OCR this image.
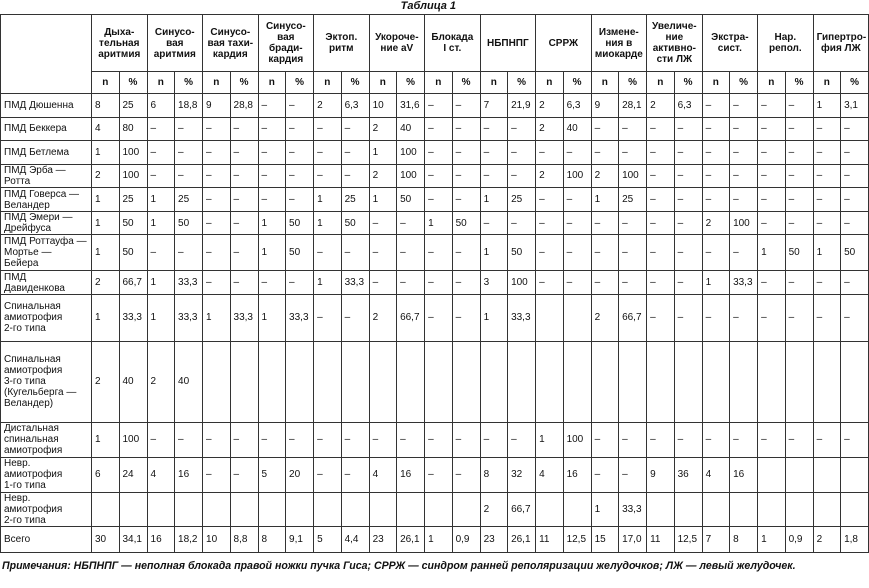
Таблица 1
	Дыха-
тельная
аритмия		Синусо-
вая
аритмия		Синусо-
вая тахи-
кардия		Синусо-
вая
бради-
кардия		Эктоп.
ритм		Укороче-
ние aV		Блокада
I ст.		НБПНПГ		СРРЖ		Измене-
ния в
миокарде		Увеличе-
ние
активно-
сти ЛЖ		Экстра-
сист.		Нар.
репол.		Гипертро-
фия ЛЖ	
	n	%	n	%	n	%	n	%	n	%	n	%	n	%	n	%	n	%	n	%	n	%	n	%	n	%	n	%
ПМД Дюшенна	8	25	6	18,8	9	28,8	–	–	2	6,3	10	31,6	–	–	7	21,9	2	6,3	9	28,1	2	6,3	–	–	–	–	1	3,1
ПМД Беккера	4	80	–	–	–	–	–	–	–	–	2	40	–	–	–	–	2	40	–	–	–	–	–	–	–	–	–	–
ПМД Бетлема	1	100	–	–	–	–	–	–	–	–	1	100	–	–	–	–	–	–	–	–	–	–	–	–	–	–	–	–
ПМД Эрба —
Ротта	2	100	–	–	–	–	–	–	–	–	2	100	–	–	–	–	2	100	2	100	–	–	–	–	–	–	–	–
ПМД Говерса —
Веландер	1	25	1	25	–	–	–	–	1	25	1	50	–	–	1	25	–	–	1	25	–	–	–	–	–	–	–	–
ПМД Эмери —
Дрейфуса	1	50	1	50	–	–	1	50	1	50	–	–	1	50	–	–	–	–	–	–	–	–	2	100	–	–	–	–
ПМД Роттауфа —
Мортье —
Бейера	1	50	–	–	–	–	1	50	–	–	–	–	–	–	1	50	–	–	–	–	–	–	–	–	1	50	1	50
ПМД
Давиденкова	2	66,7	1	33,3	–	–	–	–	1	33,3	–	–	–	–	3	100	–	–	–	–	–	–	1	33,3	–	–	–	–
Спинальная
амиотрофия
2-го типа	1	33,3	1	33,3	1	33,3	1	33,3	–	–	2	66,7	–	–	1	33,3			2	66,7	–	–	–	–	–	–	–	–
Спинальная
амиотрофия
3-го типа
(Кугельберга —
Веландер)	2	40	2	40																								
Дистальная
спинальная
амиотрофия	1	100	–	–	–	–	–	–	–	–	–	–	–	–	–	–	1	100	–	–	–	–	–	–	–	–	–	–
Невр.
амиотрофия
1-го типа	6	24	4	16	–	–	5	20	–	–	4	16	–	–	8	32	4	16	–	–	9	36	4	16				
Невр.
амиотрофия
2-го типа															2	66,7			1	33,3								
Всего	30	34,1	16	18,2	10	8,8	8	9,1	5	4,4	23	26,1	1	0,9	23	26,1	11	12,5	15	17,0	11	12,5	7	8	1	0,9	2	1,8
Примечания: НБПНПГ — неполная блокада правой ножки пучка Гиса; СРРЖ — синдром ранней реполяризации желудочков; ЛЖ — левый желудочек.
